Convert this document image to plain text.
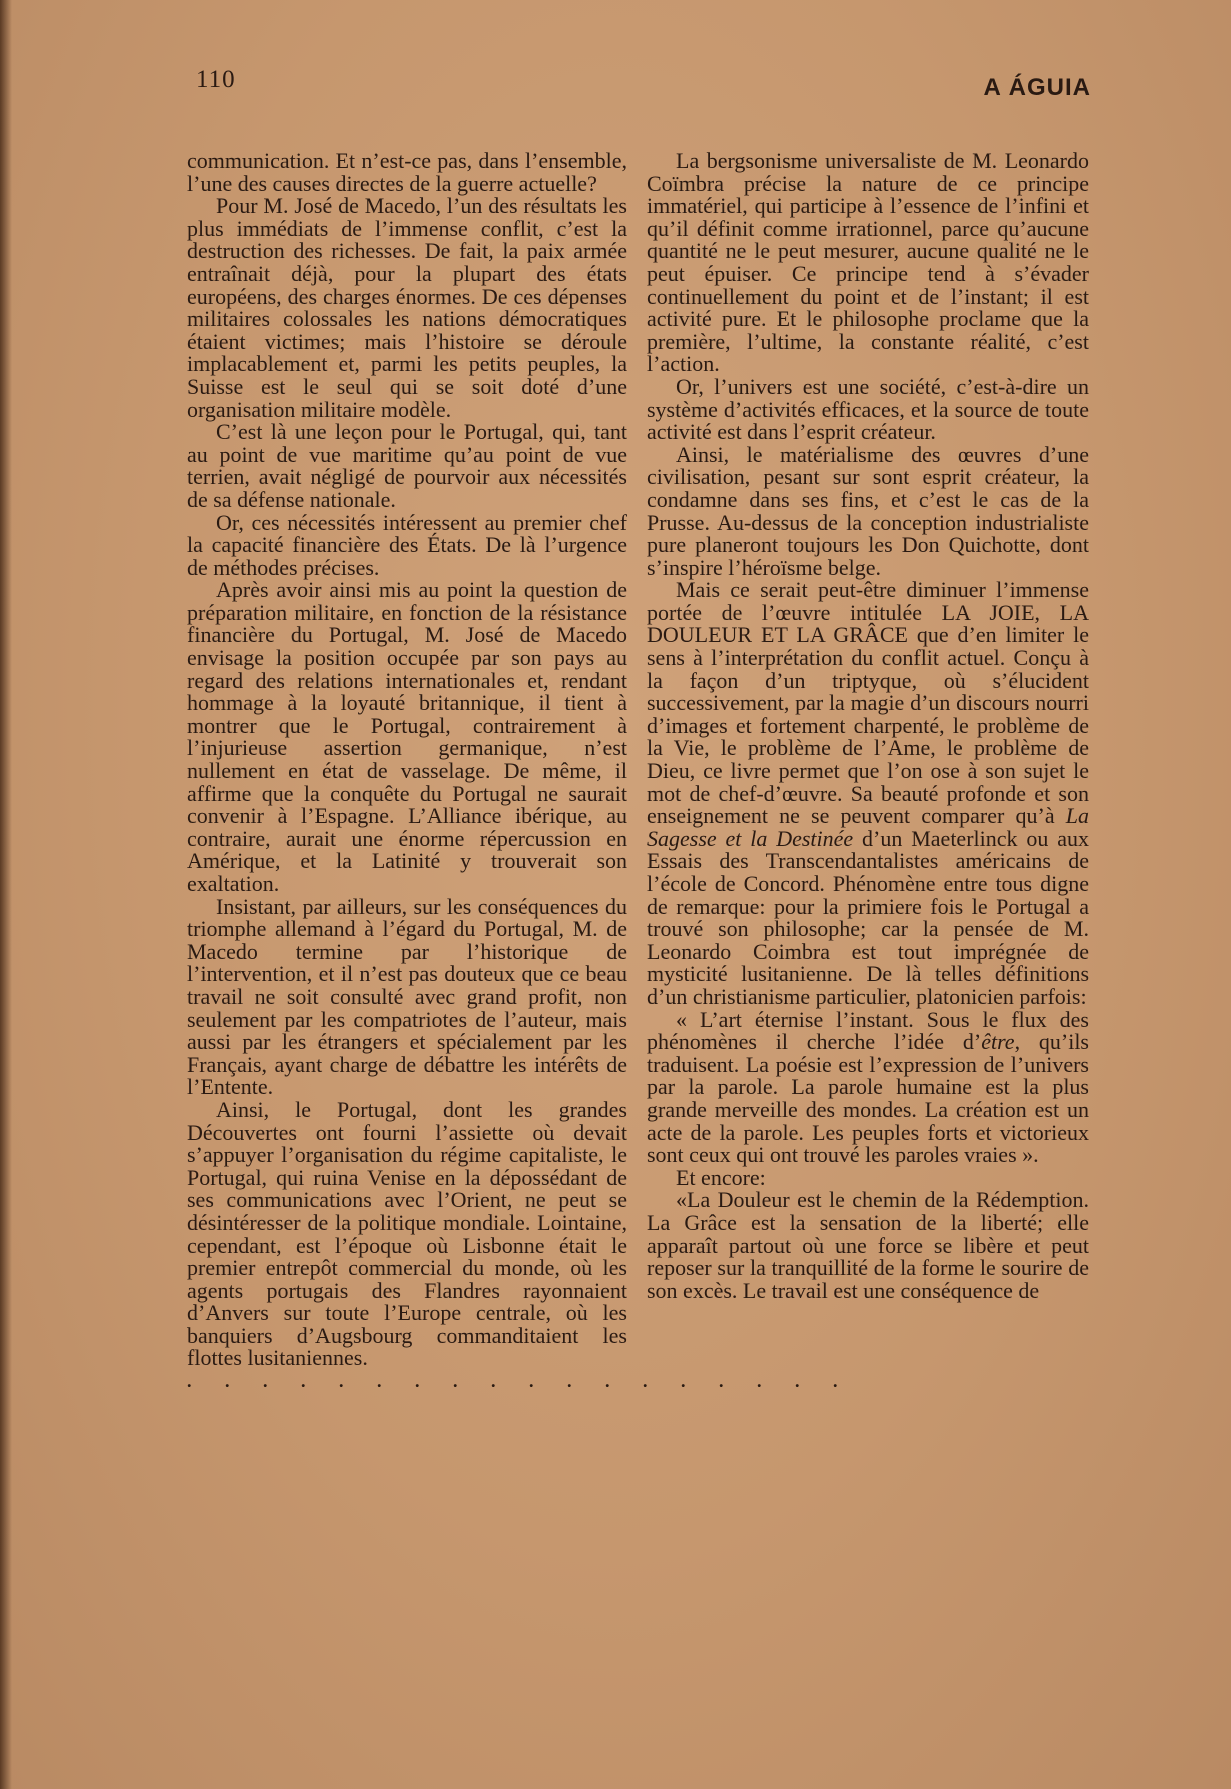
110	A ÁGUIA

communication. Et n’est-ce pas, dans l’ensemble, l’une des causes directes de la guerre actuelle?

Pour M. José de Macedo, l’un des résultats les plus immédiats de l’immense conflit, c’est la destruction des richesses. De fait, la paix armée entraînait déjà, pour la plupart des états européens, des charges énormes. De ces dépenses militaires colossales les nations démocratiques étaient victimes; mais l’histoire se déroule implacablement et, parmi les petits peuples, la Suisse est le seul qui se soit doté d’une organisation militaire modèle.

C’est là une leçon pour le Portugal, qui, tant au point de vue maritime qu’au point de vue terrien, avait négligé de pourvoir aux nécessités de sa défense nationale.

Or, ces nécessités intéressent au premier chef la capacité financière des États. De là l’urgence de méthodes précises.

Après avoir ainsi mis au point la question de préparation militaire, en fonction de la résistance financière du Portugal, M. José de Macedo envisage la position occupée par son pays au regard des relations internationales et, rendant hommage à la loyauté britannique, il tient à montrer que le Portugal, contrairement à l’injurieuse assertion germanique, n’est nullement en état de vasselage. De même, il affirme que la conquête du Portugal ne saurait convenir à l’Espagne. L’Alliance ibérique, au contraire, aurait une énorme répercussion en Amérique, et la Latinité y trouverait son exaltation.

Insistant, par ailleurs, sur les conséquences du triomphe allemand à l’égard du Portugal, M. de Macedo termine par l’historique de l’intervention, et il n’est pas douteux que ce beau travail ne soit consulté avec grand profit, non seulement par les compatriotes de l’auteur, mais aussi par les étrangers et spécialement par les Français, ayant charge de débattre les intérêts de l’Entente.

Ainsi, le Portugal, dont les grandes Découvertes ont fourni l’assiette où devait s’appuyer l’organisation du régime capitaliste, le Portugal, qui ruina Venise en la dépossédant de ses communications avec l’Orient, ne peut se désintéresser de la politique mondiale. Lointaine, cependant, est l’époque où Lisbonne était le premier entrepôt commercial du monde, où les agents portugais des Flandres rayonnaient d’Anvers sur toute l’Europe centrale, où les banquiers d’Augsbourg commanditaient les flottes lusitaniennes.

. . . . . . . . . . . . . . . . . .

La bergsonisme universaliste de M. Leonardo Coïmbra précise la nature de ce principe immatériel, qui participe à l’essence de l’infini et qu’il définit comme irrationnel, parce qu’aucune quantité ne le peut mesurer, aucune qualité ne le peut épuiser. Ce principe tend à s’évader continuellement du point et de l’instant; il est activité pure. Et le philosophe proclame que la première, l’ultime, la constante réalité, c’est l’action.

Or, l’univers est une société, c’est-à-dire un système d’activités efficaces, et la source de toute activité est dans l’esprit créateur.

Ainsi, le matérialisme des œuvres d’une civilisation, pesant sur sont esprit créateur, la condamne dans ses fins, et c’est le cas de la Prusse. Au-dessus de la conception industrialiste pure planeront toujours les Don Quichotte, dont s’inspire l’héroïsme belge.

Mais ce serait peut-être diminuer l’immense portée de l’œuvre intitulée LA JOIE, LA DOULEUR ET LA GRÂCE que d’en limiter le sens à l’interprétation du conflit actuel. Conçu à la façon d’un triptyque, où s’élucident successivement, par la magie d’un discours nourri d’images et fortement charpenté, le problème de la Vie, le problème de l’Ame, le problème de Dieu, ce livre permet que l’on ose à son sujet le mot de chef-d’œuvre. Sa beauté profonde et son enseignement ne se peuvent comparer qu’à La Sagesse et la Destinée d’un Maeterlinck ou aux Essais des Transcendantalistes américains de l’école de Concord. Phénomène entre tous digne de remarque: pour la primiere fois le Portugal a trouvé son philosophe; car la pensée de M. Leonardo Coimbra est tout imprégnée de mysticité lusitanienne. De là telles définitions d’un christianisme particulier, platonicien parfois:

« L’art éternise l’instant. Sous le flux des phénomènes il cherche l’idée d’être, qu’ils traduisent. La poésie est l’expression de l’univers par la parole. La parole humaine est la plus grande merveille des mondes. La création est un acte de la parole. Les peuples forts et victorieux sont ceux qui ont trouvé les paroles vraies ».

Et encore:

«La Douleur est le chemin de la Rédemption. La Grâce est la sensation de la liberté; elle apparaît partout où une force se libère et peut reposer sur la tranquillité de la forme le sourire de son excès. Le travail est une conséquence de
